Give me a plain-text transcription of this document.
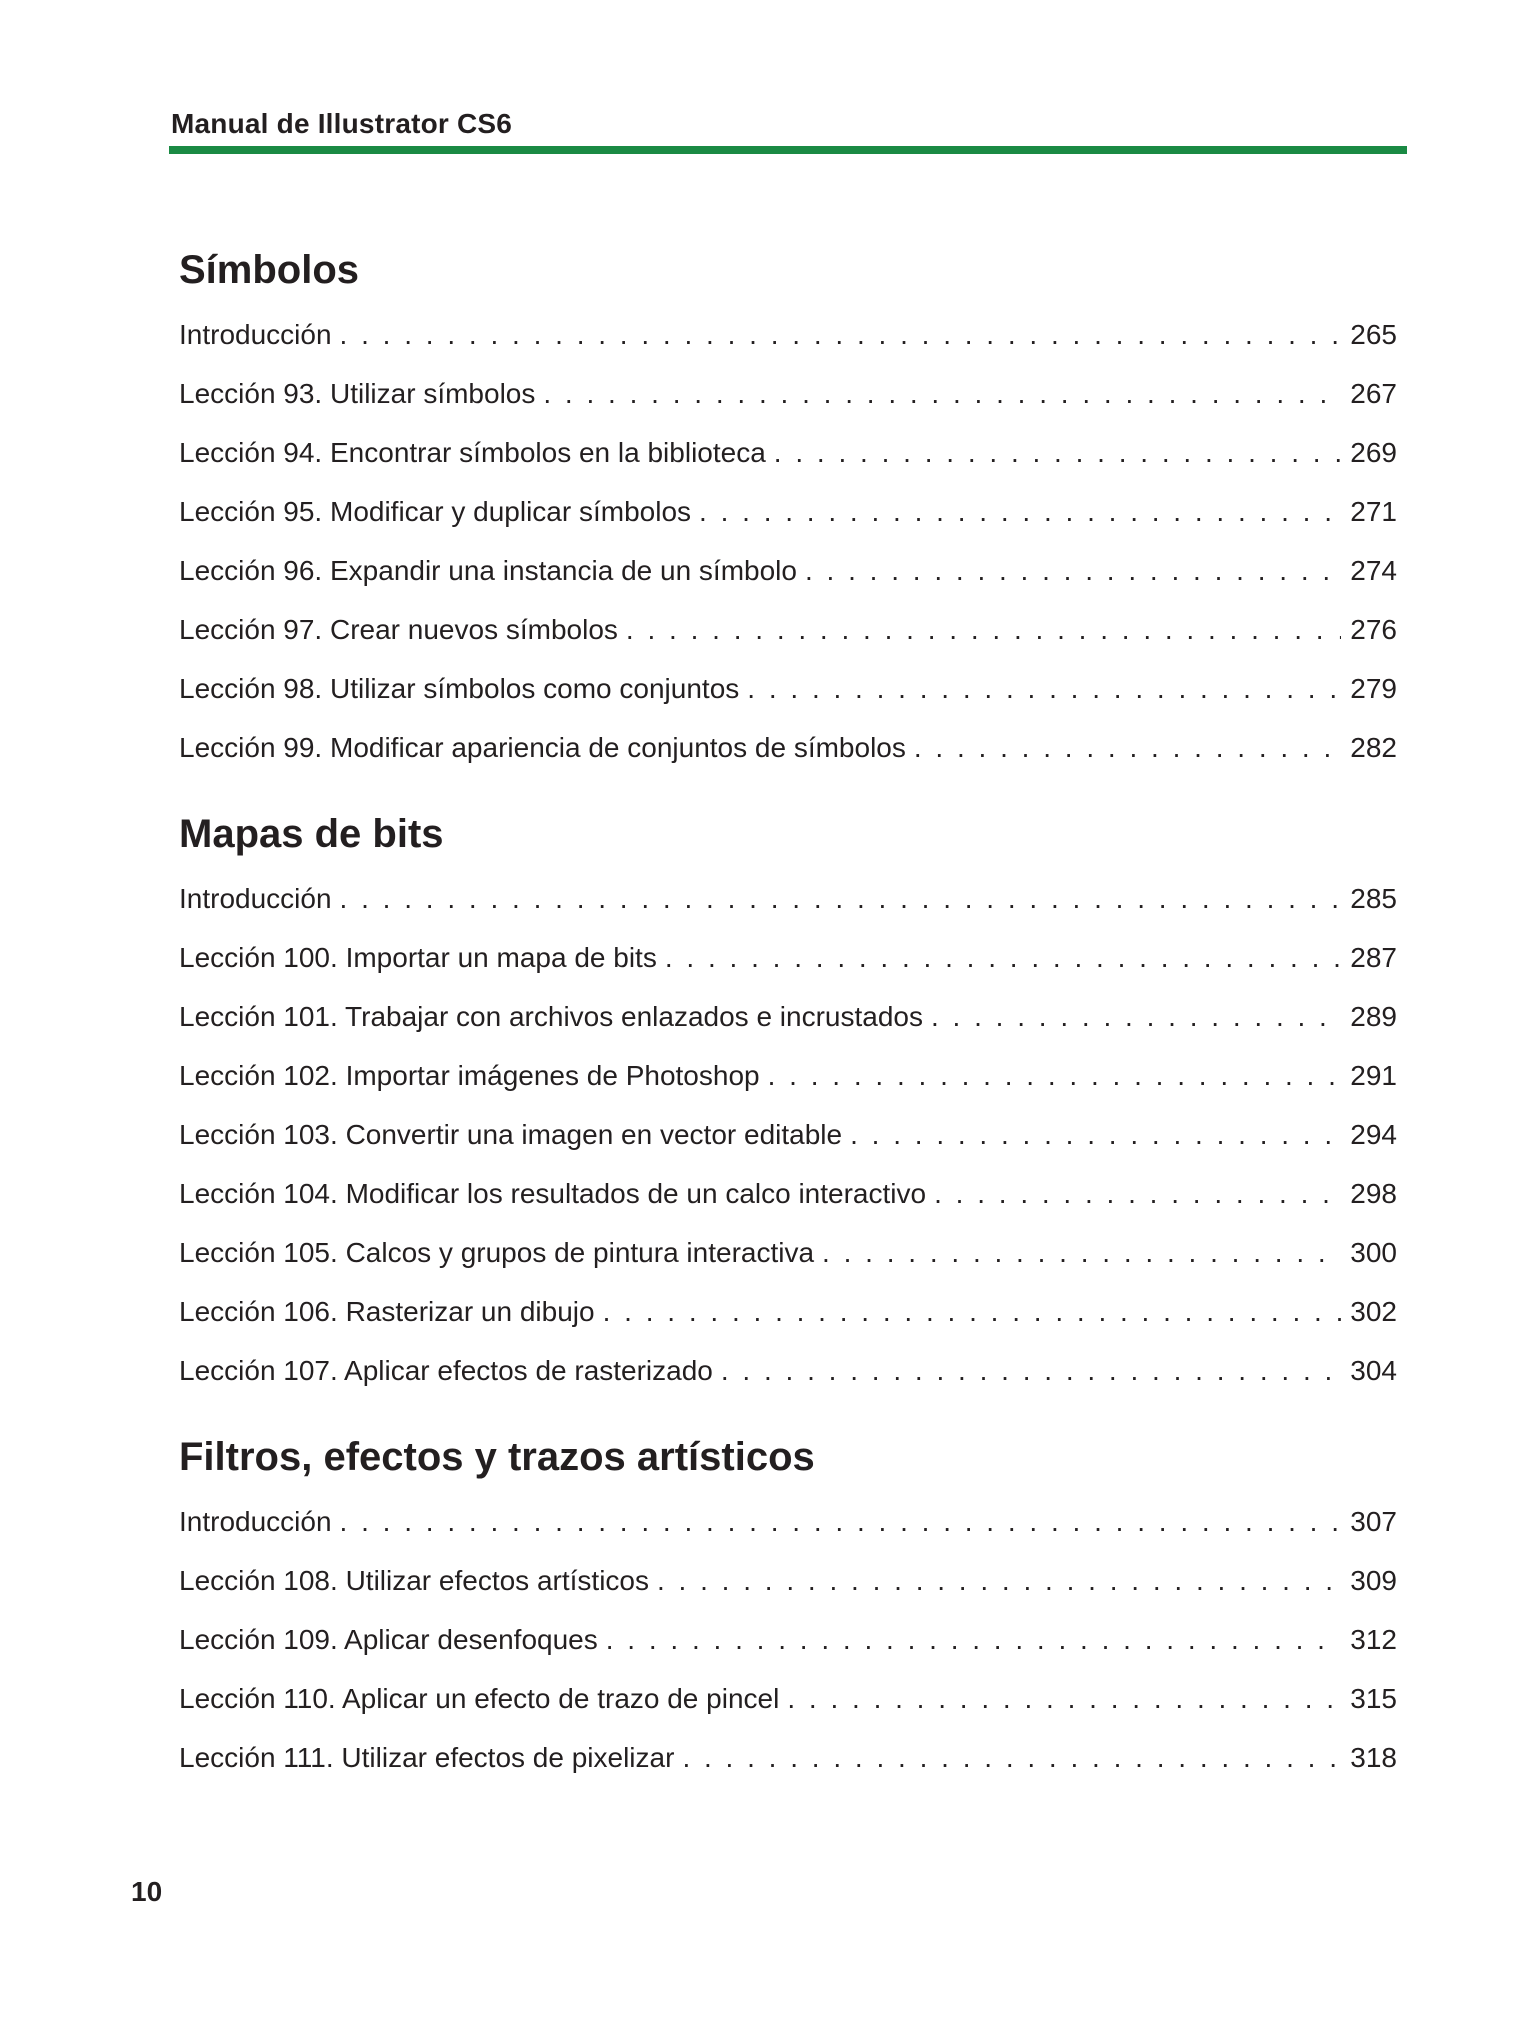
Manual de Illustrator CS6
Símbolos
Introducción . . .	265
Lección 93. Utilizar símbolos . . .	267
Lección 94. Encontrar símbolos en la biblioteca . . .	269
Lección 95. Modificar y duplicar símbolos . . .	271
Lección 96. Expandir una instancia de un símbolo . . .	274
Lección 97. Crear nuevos símbolos . . .	276
Lección 98. Utilizar símbolos como conjuntos . . .	279
Lección 99. Modificar apariencia de conjuntos de símbolos . . .	282
Mapas de bits
Introducción . . .	285
Lección 100. Importar un mapa de bits . . .	287
Lección 101. Trabajar con archivos enlazados e incrustados . . .	289
Lección 102. Importar imágenes de Photoshop . . .	291
Lección 103. Convertir una imagen en vector editable . . .	294
Lección 104. Modificar los resultados de un calco interactivo . . .	298
Lección 105. Calcos y grupos de pintura interactiva . . .	300
Lección 106. Rasterizar un dibujo . . .	302
Lección 107. Aplicar efectos de rasterizado . . .	304
Filtros, efectos y trazos artísticos
Introducción . . .	307
Lección 108. Utilizar efectos artísticos . . .	309
Lección 109. Aplicar desenfoques . . .	312
Lección 110. Aplicar un efecto de trazo de pincel . . .	315
Lección 111. Utilizar efectos de pixelizar . . .	318
10
